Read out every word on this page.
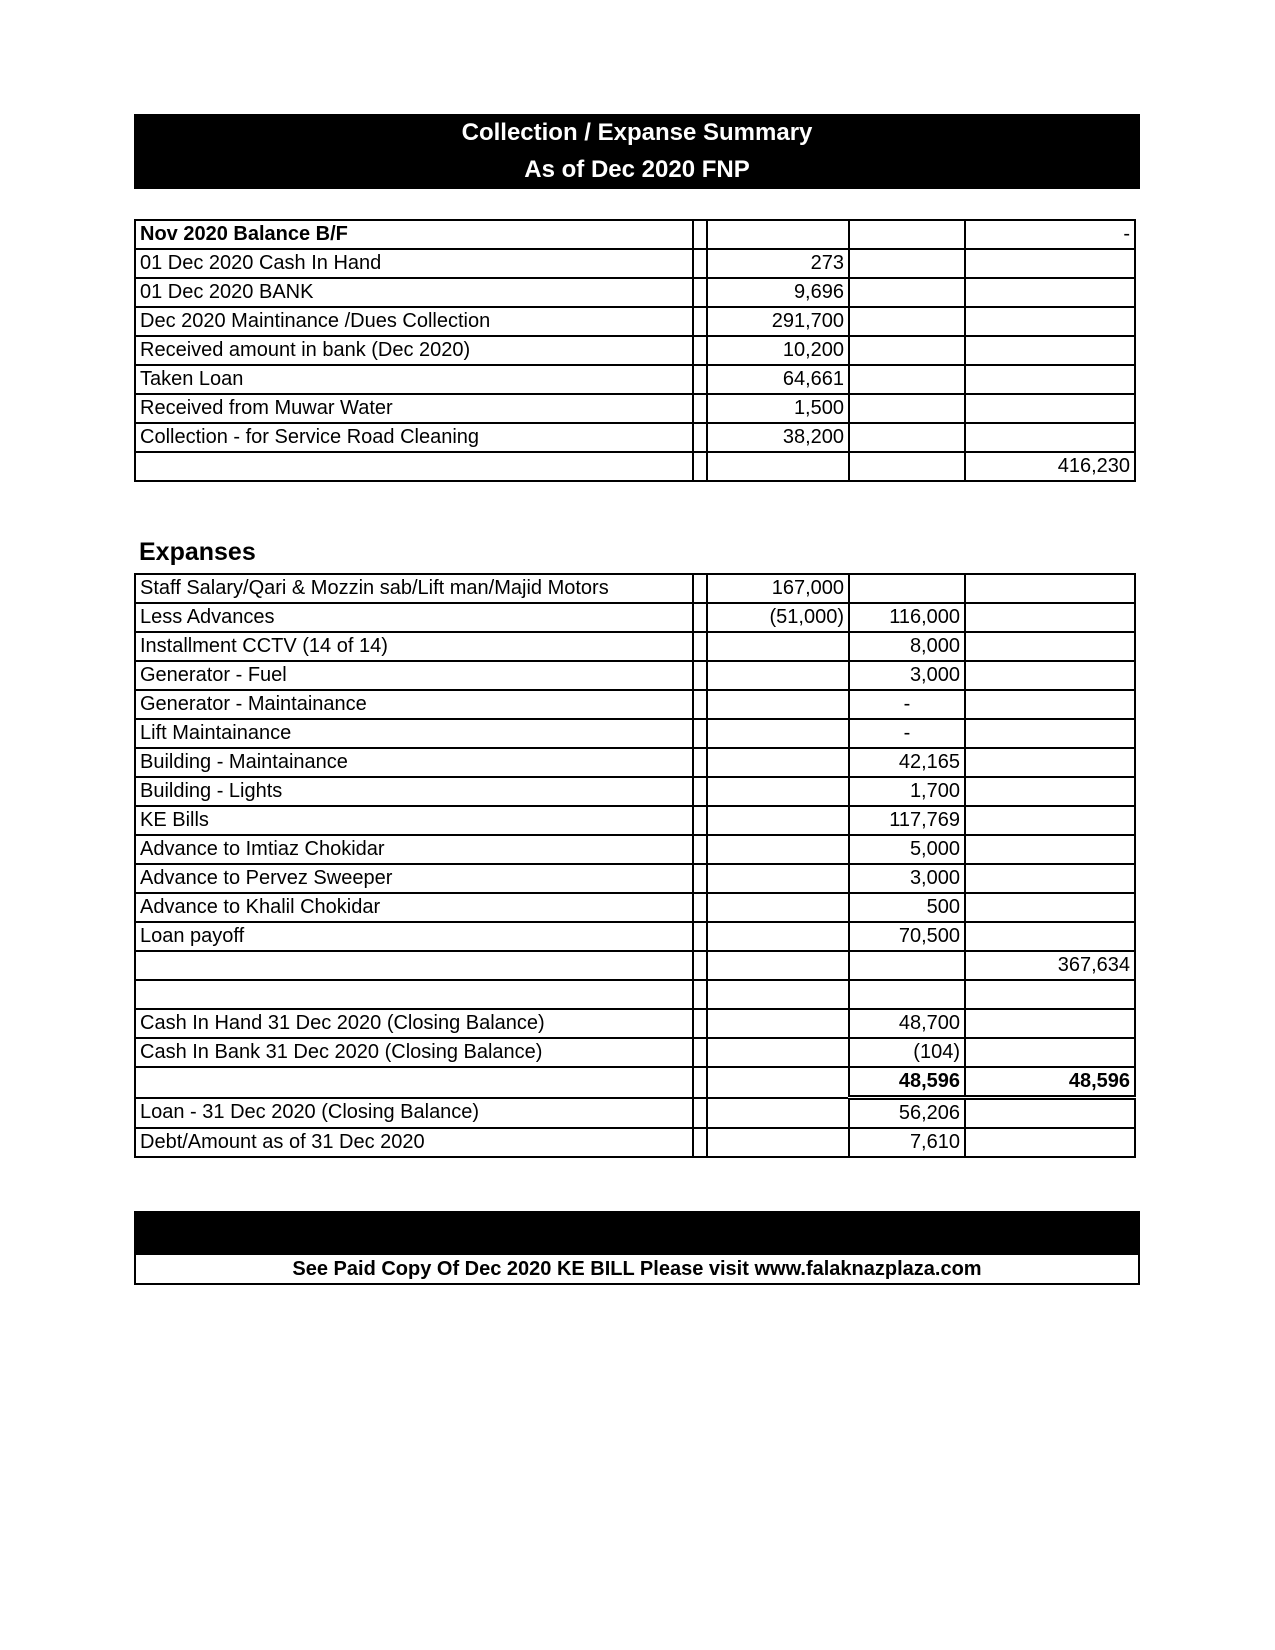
Collection / Expanse Summary
As of Dec 2020 FNP
Nov 2020 Balance B/F				-
01 Dec 2020 Cash In Hand		273		
01 Dec 2020 BANK		9,696		
Dec 2020 Maintinance /Dues Collection		291,700		
Received amount in bank (Dec 2020)		10,200		
Taken Loan		64,661		
Received from Muwar Water		1,500		
Collection - for Service Road Cleaning		38,200		
				416,230
Expanses
Staff Salary/Qari & Mozzin sab/Lift man/Majid Motors		167,000		
Less Advances		(51,000)	116,000	
Installment CCTV (14 of 14)			8,000	
Generator - Fuel			3,000	
Generator - Maintainance			-	
Lift Maintainance			-	
Building - Maintainance			42,165	
Building - Lights			1,700	
KE Bills			117,769	
Advance to Imtiaz Chokidar			5,000	
Advance to Pervez Sweeper			3,000	
Advance to Khalil Chokidar			500	
Loan payoff			70,500	
				367,634

Cash In Hand 31 Dec 2020 (Closing Balance)			48,700	
Cash In Bank 31 Dec 2020 (Closing Balance)			(104)	
			48,596	48,596
Loan - 31 Dec 2020 (Closing Balance)			56,206	
Debt/Amount as of 31 Dec 2020			7,610	
See Paid Copy Of Dec 2020 KE BILL Please visit www.falaknazplaza.com
